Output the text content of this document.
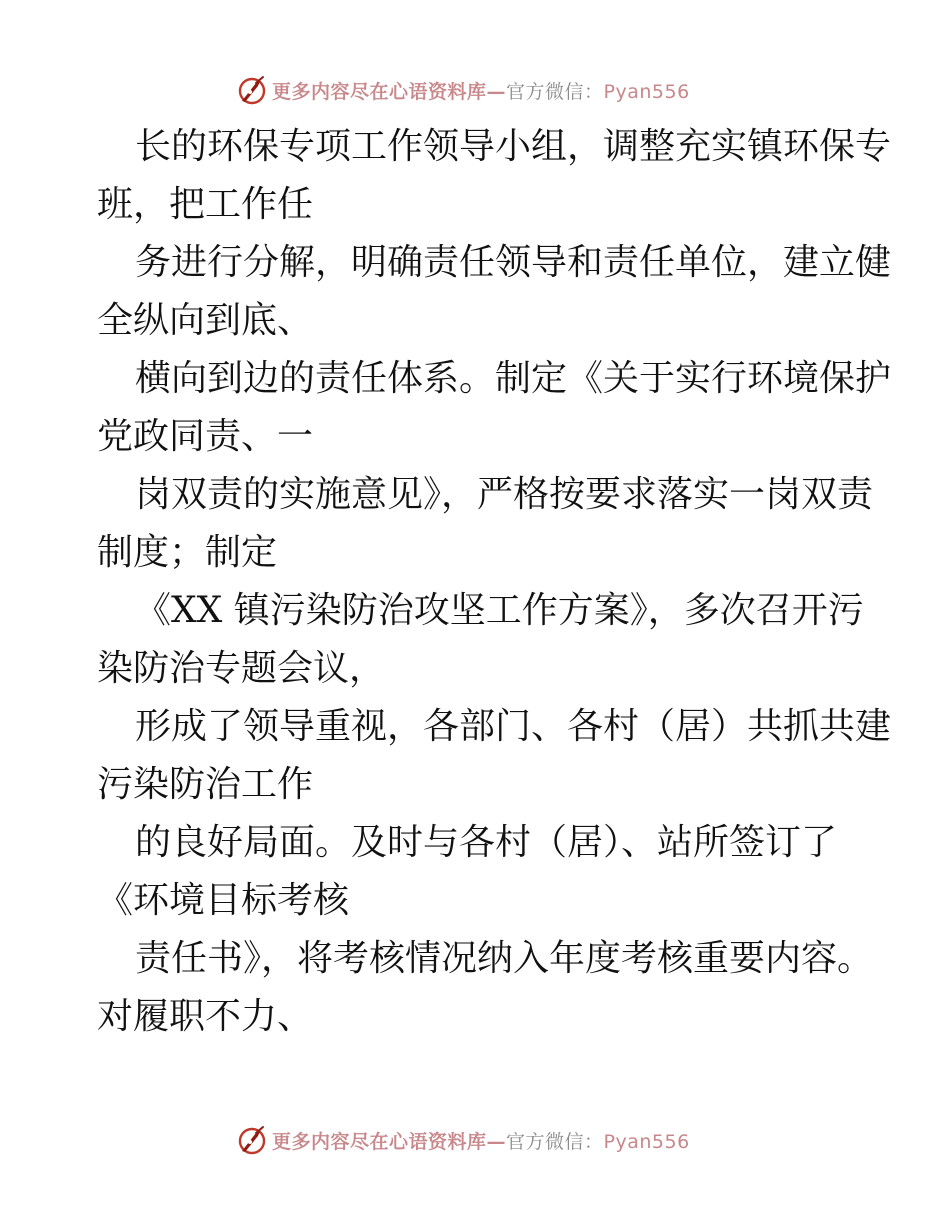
更多内容尽在心语资料库—官方微信：Pyan556
长的环保专项工作领导小组，调整充实镇环保专
班，把工作任
务进行分解，明确责任领导和责任单位，建立健
全纵向到底、
横向到边的责任体系。制定《关于实行环境保护
党政同责、一
岗双责的实施意见》，严格按要求落实一岗双责
制度；制定
《XX 镇污染防治攻坚工作方案》，多次召开污
染防治专题会议，
形成了领导重视，各部门、各村（居）共抓共建
污染防治工作
的良好局面。及时与各村（居）、站所签订了
《环境目标考核
责任书》，将考核情况纳入年度考核重要内容。
对履职不力、
更多内容尽在心语资料库—官方微信：Pyan556
